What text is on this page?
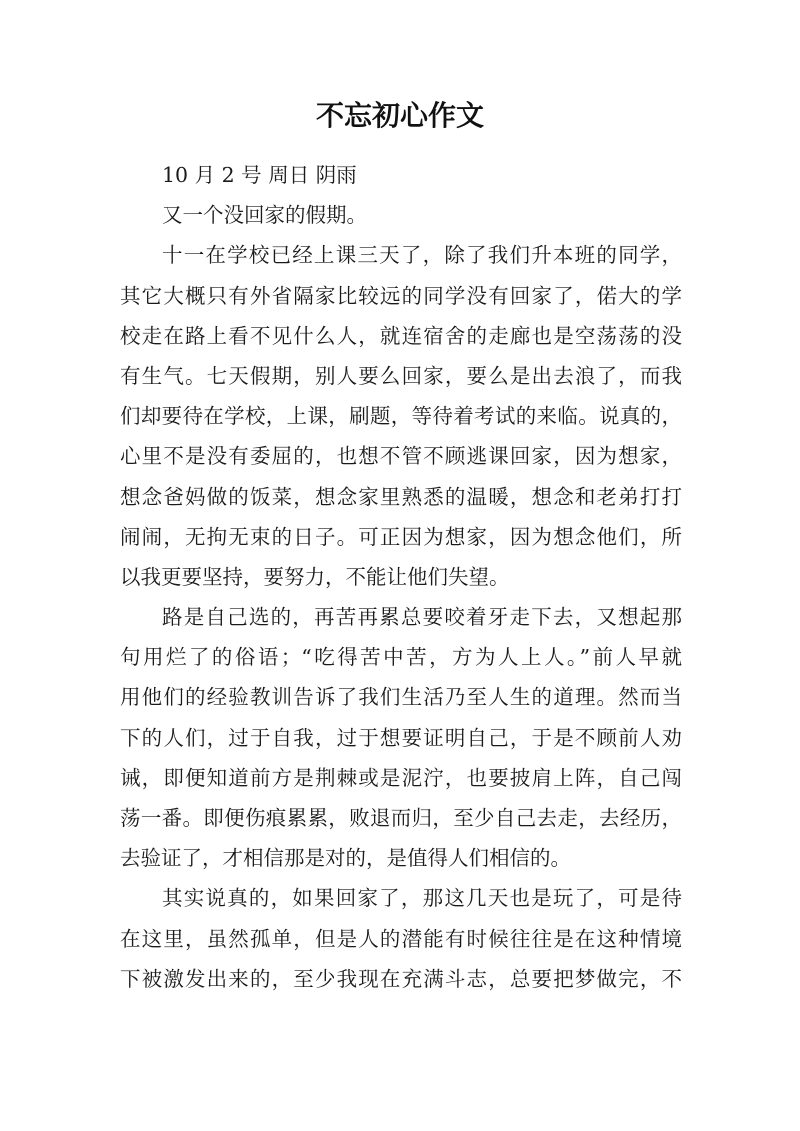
不忘初心作文

10 月 2 号 周日 阴雨

又一个没回家的假期。

十一在学校已经上课三天了，除了我们升本班的同学，
其它大概只有外省隔家比较远的同学没有回家了，偌大的学
校走在路上看不见什么人，就连宿舍的走廊也是空荡荡的没
有生气。七天假期，别人要么回家，要么是出去浪了，而我
们却要待在学校，上课，刷题，等待着考试的来临。说真的，
心里不是没有委屈的，也想不管不顾逃课回家，因为想家，
想念爸妈做的饭菜，想念家里熟悉的温暖，想念和老弟打打
闹闹，无拘无束的日子。可正因为想家，因为想念他们，所
以我更要坚持，要努力，不能让他们失望。

路是自己选的，再苦再累总要咬着牙走下去，又想起那
句用烂了的俗语；“吃得苦中苦，方为人上人。”前人早就
用他们的经验教训告诉了我们生活乃至人生的道理。然而当
下的人们，过于自我，过于想要证明自己，于是不顾前人劝
诫，即便知道前方是荆棘或是泥泞，也要披肩上阵，自己闯
荡一番。即便伤痕累累，败退而归，至少自己去走，去经历，
去验证了，才相信那是对的，是值得人们相信的。

其实说真的，如果回家了，那这几天也是玩了，可是待
在这里，虽然孤单，但是人的潜能有时候往往是在这种情境
下被激发出来的，至少我现在充满斗志，总要把梦做完，不
